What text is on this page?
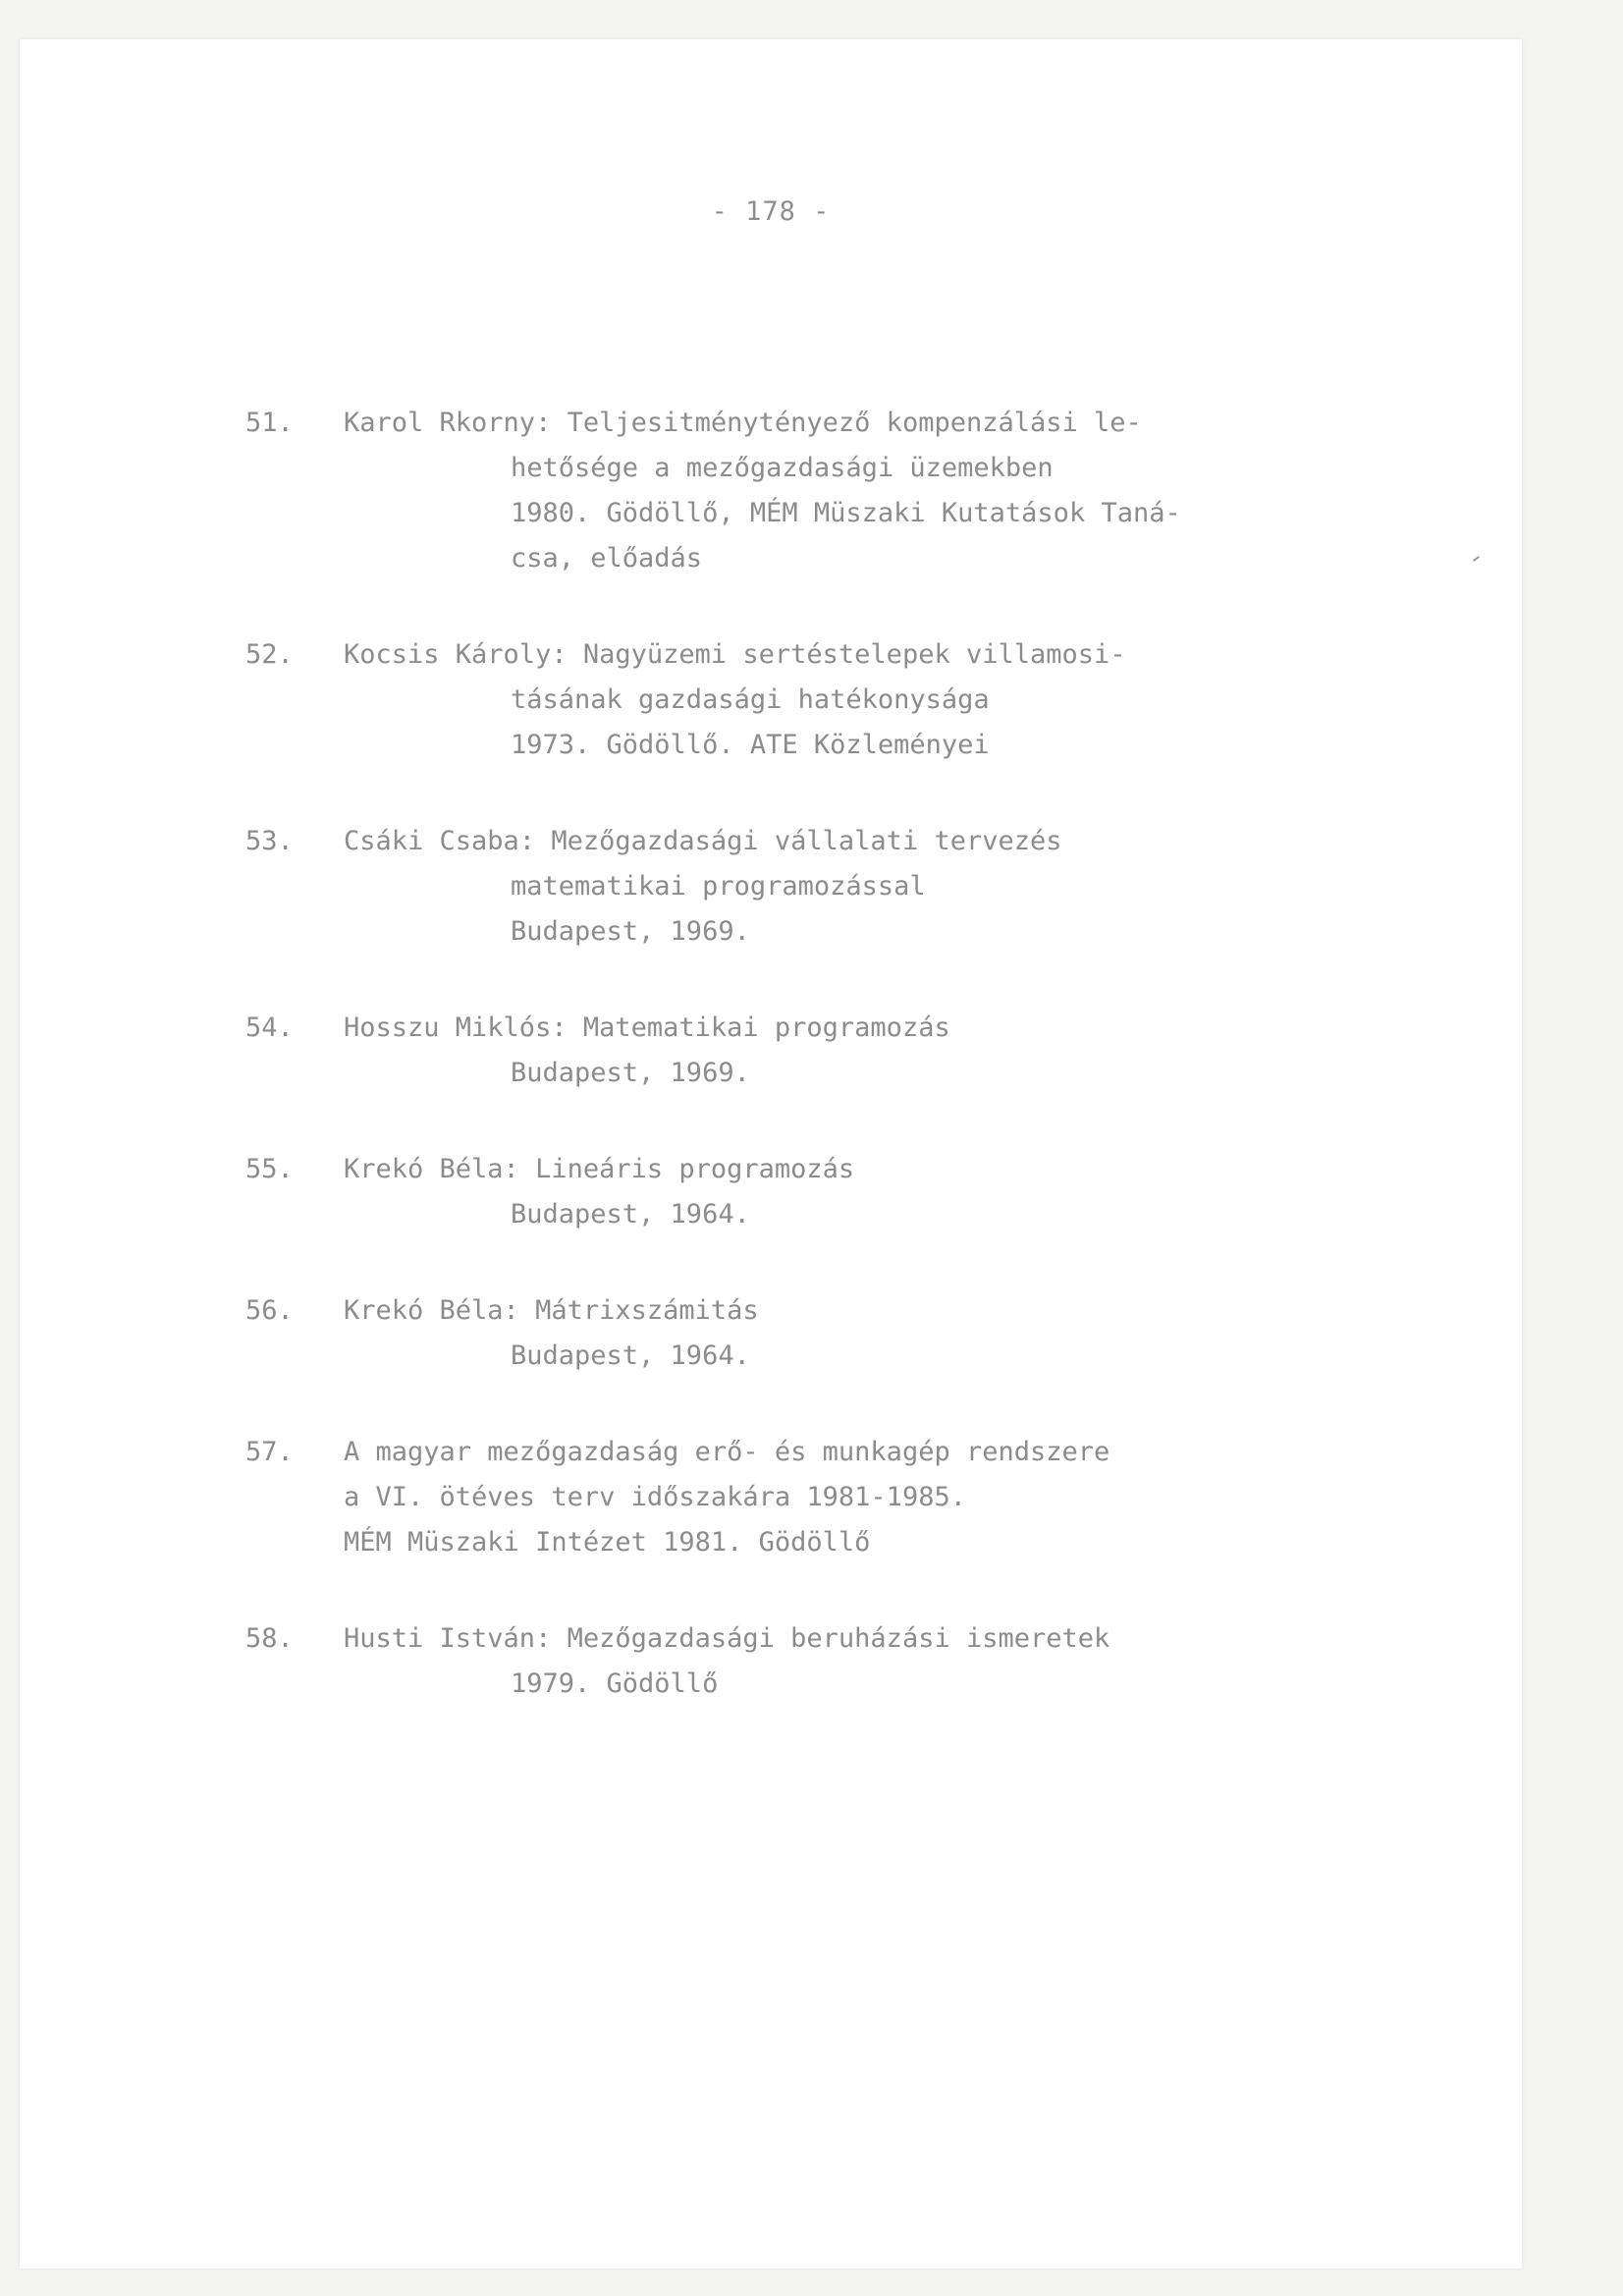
- 178 -
51. Karol Rkorny: Teljesitménytényező kompenzálási le-
hetősége a mezőgazdasági üzemekben
1980. Gödöllő, MÉM Müszaki Kutatások Taná-
csa, előadás
52. Kocsis Károly: Nagyüzemi sertéstelepek villamosi-
tásának gazdasági hatékonysága
1973. Gödöllő. ATE Közleményei
53. Csáki Csaba: Mezőgazdasági vállalati tervezés
matematikai programozással
Budapest, 1969.
54. Hosszu Miklós: Matematikai programozás
Budapest, 1969.
55. Krekó Béla: Lineáris programozás
Budapest, 1964.
56. Krekó Béla: Mátrixszámitás
Budapest, 1964.
57. A magyar mezőgazdaság erő- és munkagép rendszere
a VI. ötéves terv időszakára 1981-1985.
MÉM Müszaki Intézet 1981. Gödöllő
58. Husti István: Mezőgazdasági beruházási ismeretek
1979. Gödöllő
